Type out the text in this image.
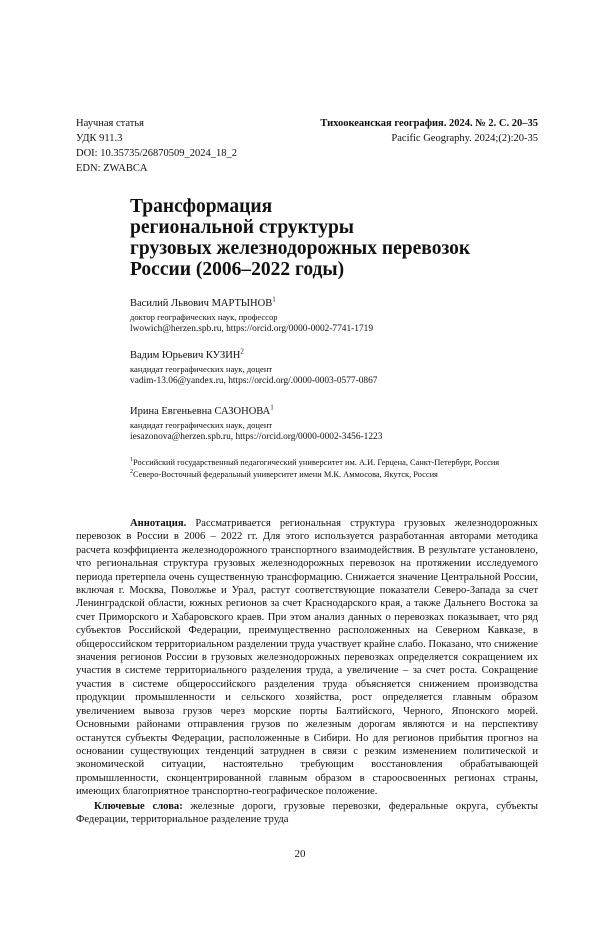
Научная статья
УДК 911.3
DOI: 10.35735/26870509_2024_18_2
EDN: ZWABCA
Тихоокеанская география. 2024. № 2. С. 20–35
Pacific Geography. 2024;(2):20-35
Трансформация
региональной структуры
грузовых железнодорожных перевозок
России (2006–2022 годы)
Василий Львович МАРТЫНОВ$^1$
доктор географических наук, профессор
lwowich@herzen.spb.ru, https://orcid.org/0000-0002-7741-1719
Вадим Юрьевич КУЗИН$^2$
кандидат географических наук, доцент
vadim-13.06@yandex.ru, https://orcid.org/.0000-0003-0577-0867
Ирина Евгеньевна САЗОНОВА$^1$
кандидат географических наук, доцент
iesazonova@herzen.spb.ru, https://orcid.org/0000-0002-3456-1223
$^1$Российский государственный педагогический университет им. А.И. Герцена, Санкт-Петербург, Россия
$^2$Северо-Восточный федеральный университет имени М.К. Аммосова, Якутск, Россия

Аннотация. Рассматривается региональная структура грузовых железнодорожных перевозок в России в 2006 – 2022 гг. Для этого используется разработанная авторами методика расчета коэффициента железнодорожного транспортного взаимодействия. В результате установлено, что региональная структура грузовых железнодорожных перевозок на протяжении исследуемого периода претерпела очень существенную трансформацию. Снижается значение Центральной России, включая г. Москва, Поволжье и Урал, растут соответствующие показатели Северо-Запада за счет Ленинградской области, южных регионов за счет Краснодарского края, а также Дальнего Востока за счет Приморского и Хабаровского краев. При этом анализ данных о перевозках показывает, что ряд субъектов Российской Федерации, преимущественно расположенных на Северном Кавказе, в общероссийском территориальном разделении труда участвует крайне слабо. Показано, что снижение значения регионов России в грузовых железнодорожных перевозках определяется сокращением их участия в системе территориального разделения труда, а увеличение – за счет роста. Сокращение участия в системе общероссийского разделения труда объясняется снижением производства продукции промышленности и сельского хозяйства, рост определяется главным образом увеличением вывоза грузов через морские порты Балтийского, Черного, Японского морей. Основными районами отправления грузов по железным дорогам являются и на перспективу останутся субъекты Федерации, расположенные в Сибири. Но для регионов прибытия прогноз на основании существующих тенденций затруднен в связи с резким изменением политической и экономической ситуации, настоятельно требующим восстановления обрабатывающей промышленности, сконцентрированной главным образом в староосвоенных регионах страны, имеющих благоприятное транспортно-географическое положение.

Ключевые слова: железные дороги, грузовые перевозки, федеральные округа, субъекты Федерации, территориальное разделение труда

20
